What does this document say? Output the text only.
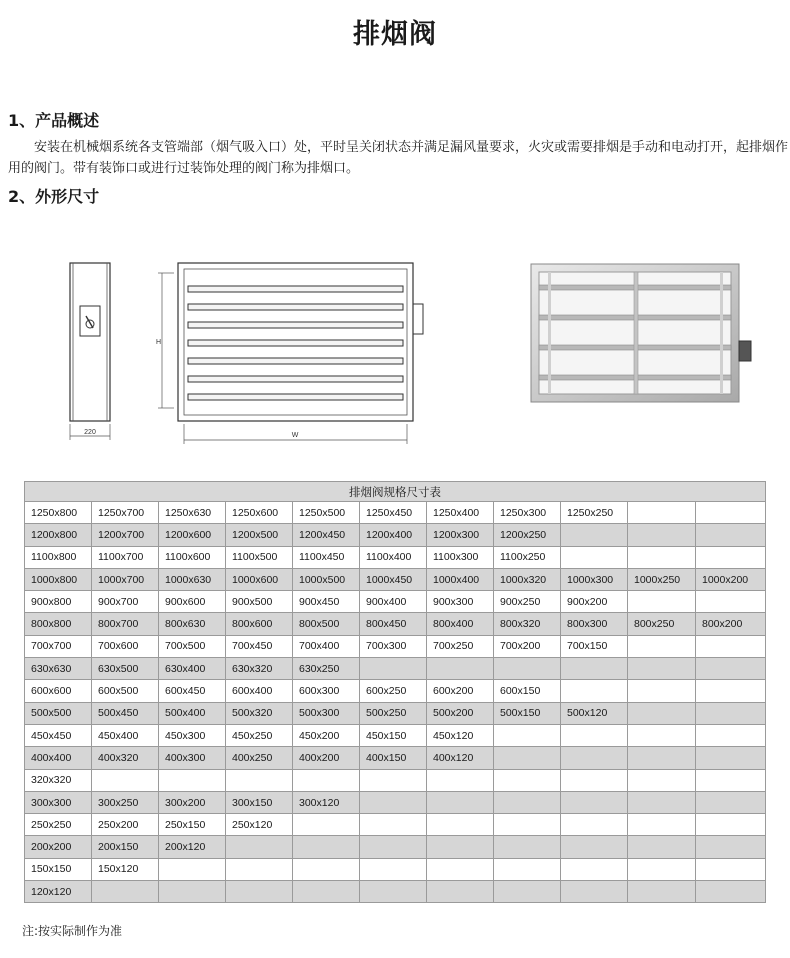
排烟阀
1、产品概述
安装在机械烟系统各支管端部（烟气吸入口）处，平时呈关闭状态并满足漏风量要求，火灾或需要排烟是手动和电动打开，起排烟作用的阀门。带有装饰口或进行过装饰处理的阀门称为排烟口。
2、外形尺寸
220
H
W
排烟阀规格尺寸表										
1250x800	1250x700	1250x630	1250x600	1250x500	1250x450	1250x400	1250x300	1250x250		
1200x800	1200x700	1200x600	1200x500	1200x450	1200x400	1200x300	1200x250			
1100x800	1100x700	1100x600	1100x500	1100x450	1100x400	1100x300	1100x250			
1000x800	1000x700	1000x630	1000x600	1000x500	1000x450	1000x400	1000x320	1000x300	1000x250	1000x200
900x800	900x700	900x600	900x500	900x450	900x400	900x300	900x250	900x200		
800x800	800x700	800x630	800x600	800x500	800x450	800x400	800x320	800x300	800x250	800x200
700x700	700x600	700x500	700x450	700x400	700x300	700x250	700x200	700x150		
630x630	630x500	630x400	630x320	630x250						
600x600	600x500	600x450	600x400	600x300	600x250	600x200	600x150			
500x500	500x450	500x400	500x320	500x300	500x250	500x200	500x150	500x120		
450x450	450x400	450x300	450x250	450x200	450x150	450x120				
400x400	400x320	400x300	400x250	400x200	400x150	400x120				
320x320										
300x300	300x250	300x200	300x150	300x120						
250x250	250x200	250x150	250x120							
200x200	200x150	200x120								
150x150	150x120									
120x120										
注:按实际制作为准
